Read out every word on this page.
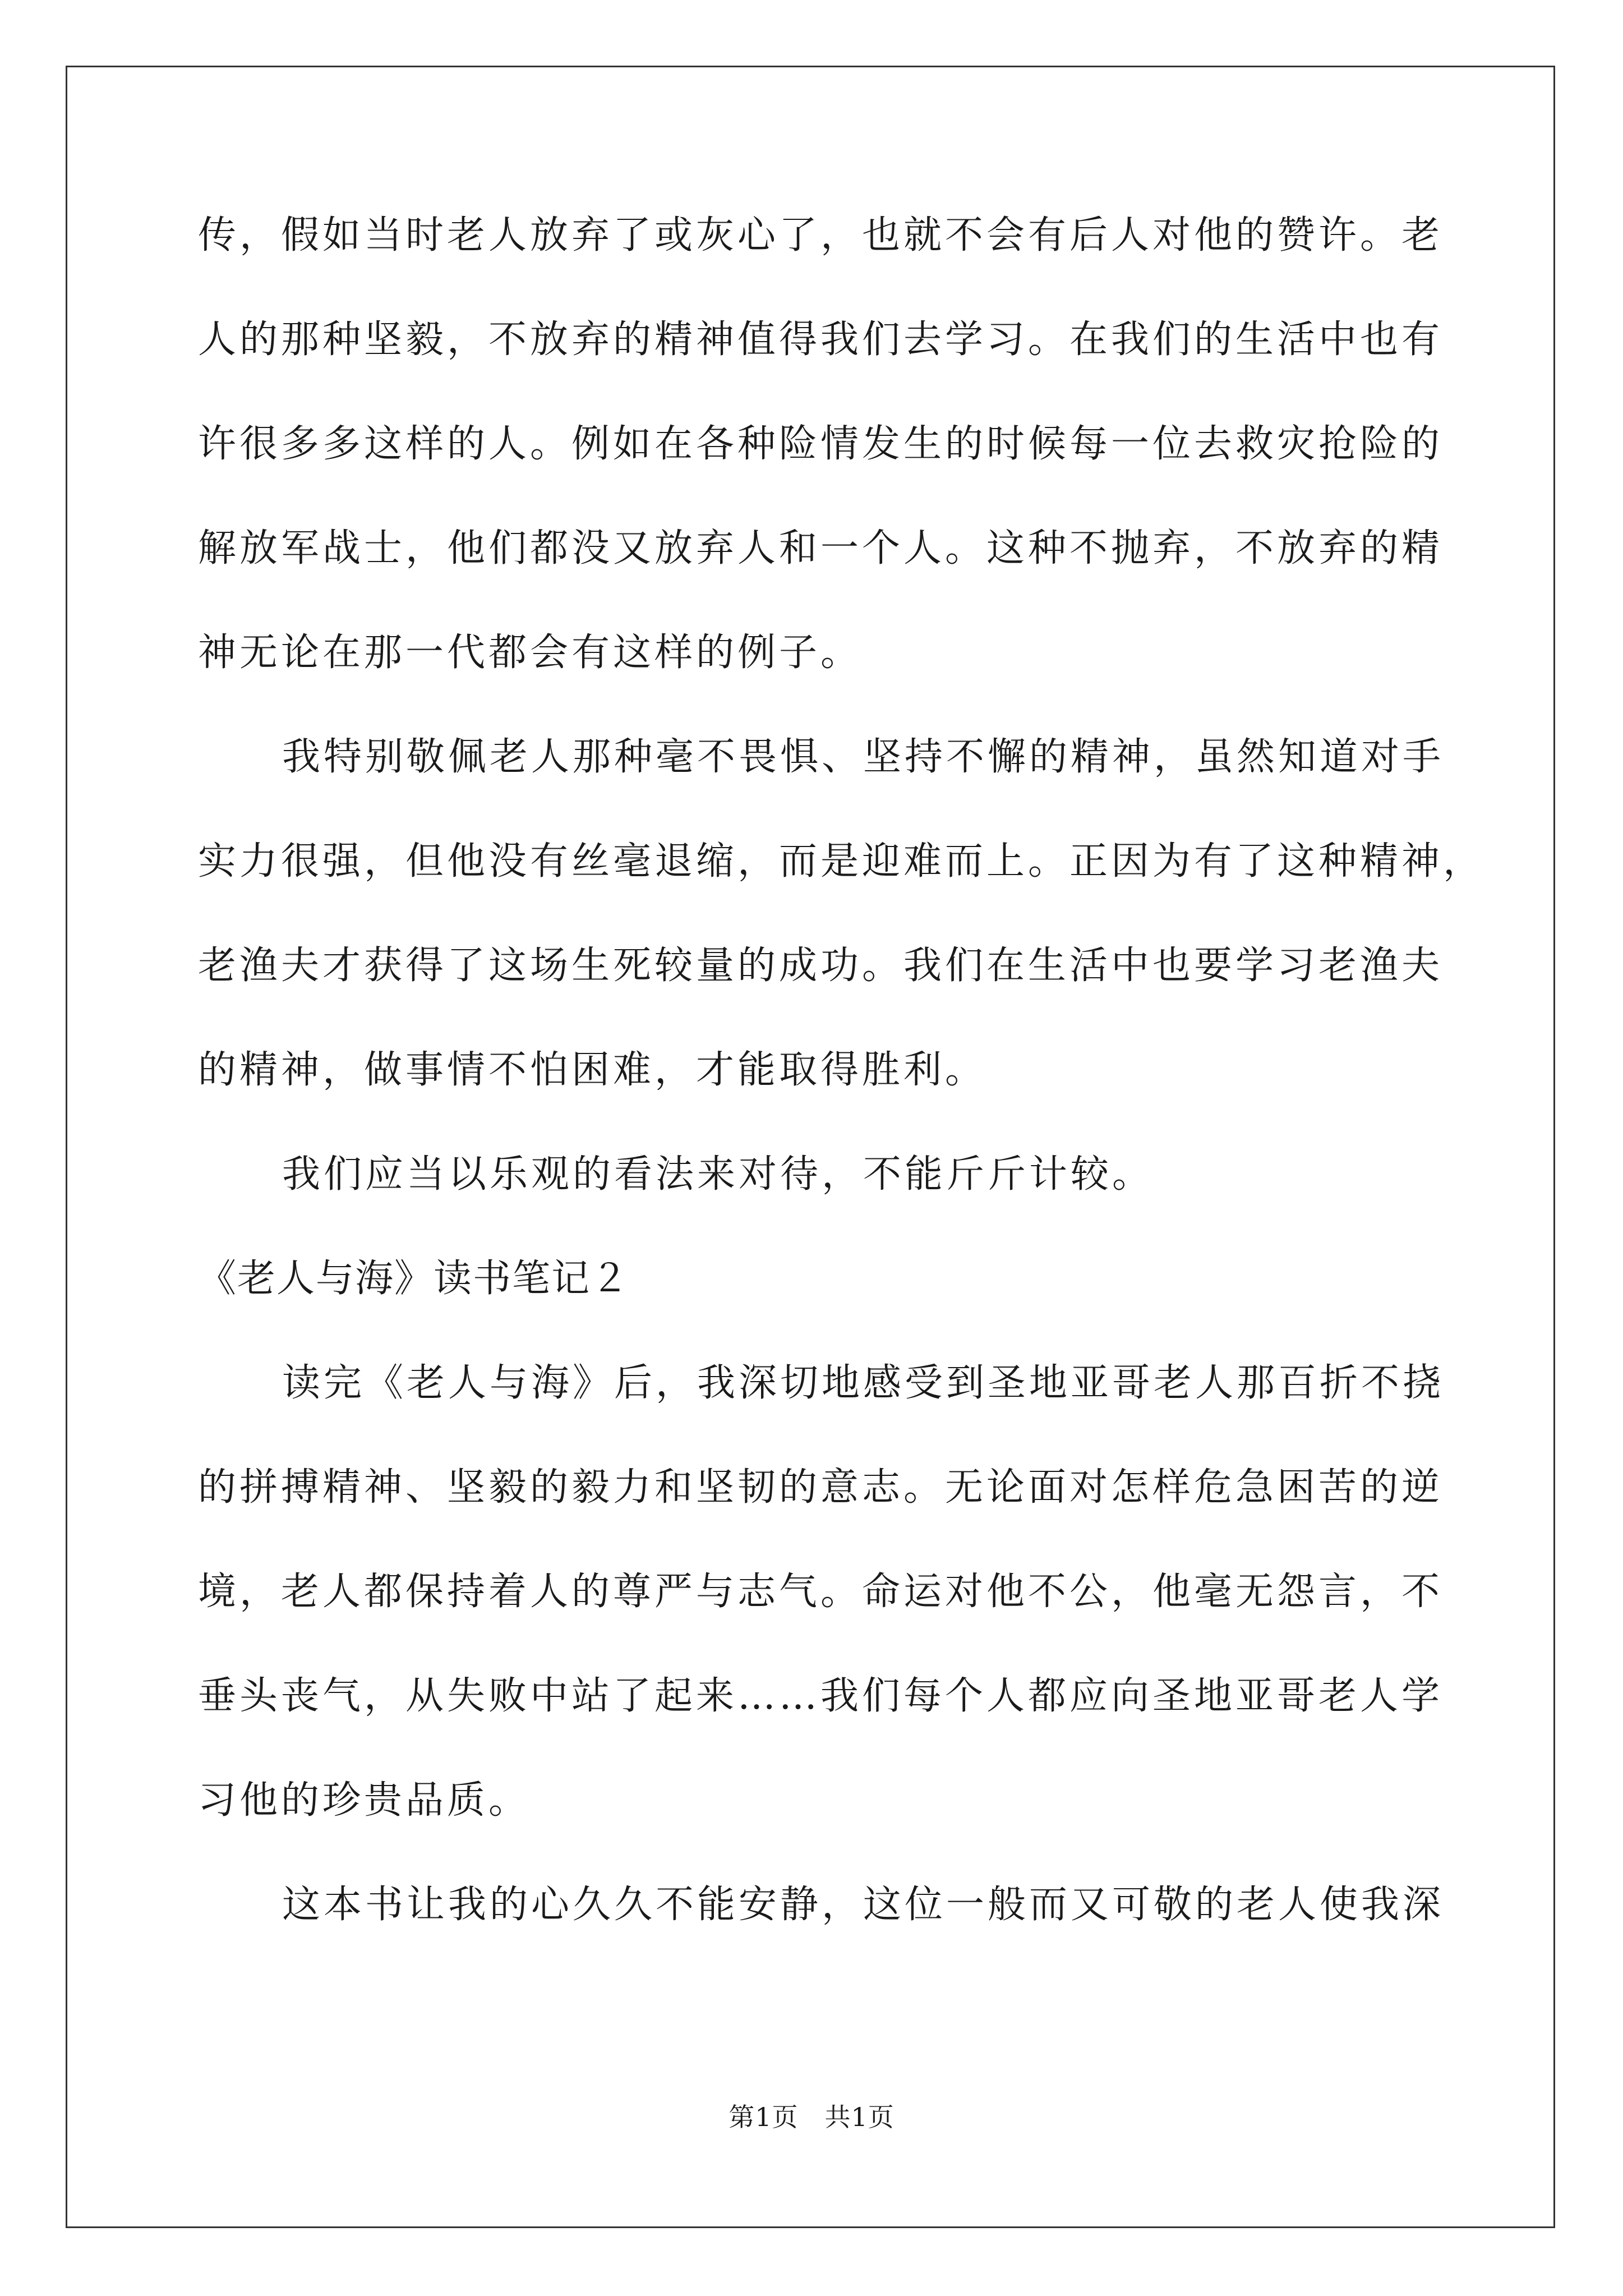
传，假如当时老人放弃了或灰心了，也就不会有后人对他的赞许。老
人的那种坚毅，不放弃的精神值得我们去学习。在我们的生活中也有
许很多多这样的人。例如在各种险情发生的时候每一位去救灾抢险的
解放军战士，他们都没又放弃人和一个人。这种不抛弃，不放弃的精
神无论在那一代都会有这样的例子。
我特别敬佩老人那种毫不畏惧、坚持不懈的精神，虽然知道对手
实力很强，但他没有丝毫退缩，而是迎难而上。正因为有了这种精神，
老渔夫才获得了这场生死较量的成功。我们在生活中也要学习老渔夫
的精神，做事情不怕困难，才能取得胜利。
我们应当以乐观的看法来对待，不能斤斤计较。
《老人与海》读书笔记２
读完《老人与海》后，我深切地感受到圣地亚哥老人那百折不挠
的拼搏精神、坚毅的毅力和坚韧的意志。无论面对怎样危急困苦的逆
境，老人都保持着人的尊严与志气。命运对他不公，他毫无怨言，不
垂头丧气，从失败中站了起来……我们每个人都应向圣地亚哥老人学
习他的珍贵品质。
这本书让我的心久久不能安静，这位一般而又可敬的老人使我深
第1页　共1页
